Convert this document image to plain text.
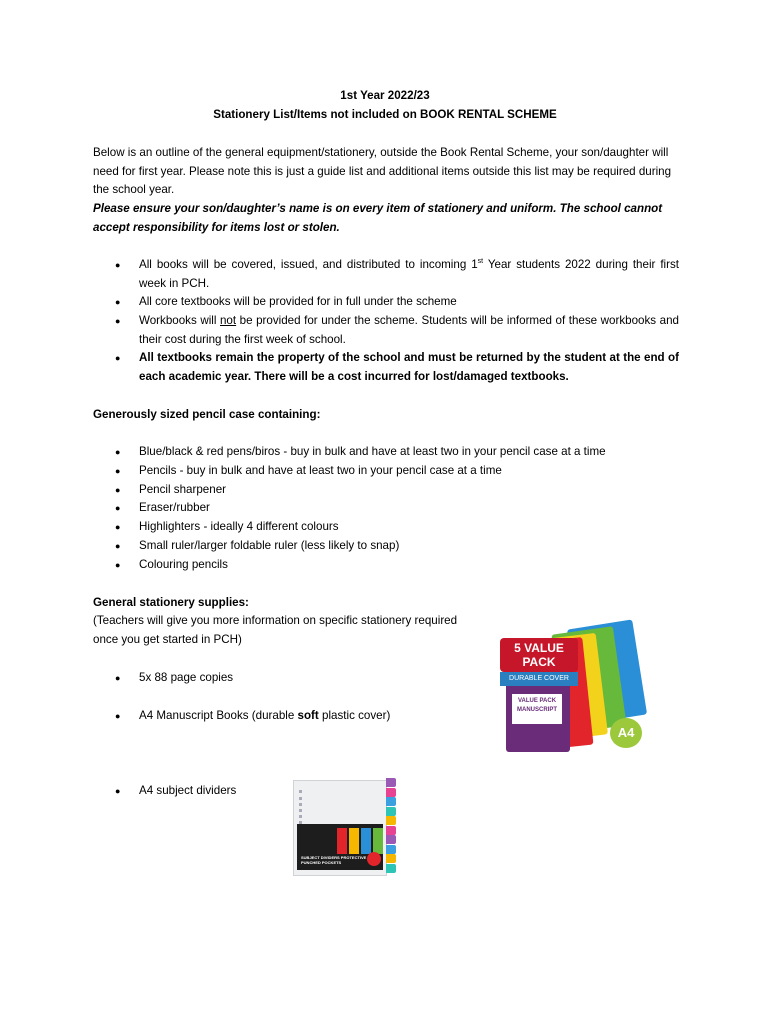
1st Year 2022/23
Stationery List/Items not included on BOOK RENTAL SCHEME

Below is an outline of the general equipment/stationery, outside the Book Rental Scheme, your son/daughter will need for first year. Please note this is just a guide list and additional items outside this list may be required during the school year.

Please ensure your son/daughter’s name is on every item of stationery and uniform. The school cannot accept responsibility for items lost or stolen.

● All books will be covered, issued, and distributed to incoming 1st Year students 2022 during their first week in PCH.
● All core textbooks will be provided for in full under the scheme
● Workbooks will not be provided for under the scheme. Students will be informed of these workbooks and their cost during the first week of school.
● All textbooks remain the property of the school and must be returned by the student at the end of each academic year. There will be a cost incurred for lost/damaged textbooks.
Generously sized pencil case containing:
● Blue/black & red pens/biros - buy in bulk and have at least two in your pencil case at a time
● Pencils - buy in bulk and have at least two in your pencil case at a time
● Pencil sharpener
● Eraser/rubber
● Highlighters - ideally 4 different colours
● Small ruler/larger foldable ruler (less likely to snap)
● Colouring pencils
General stationery supplies:

(Teachers will give you more information on specific stationery required once you get started in PCH)

● 5x 88 page copies
● A4 Manuscript Books (durable soft plastic cover)
● A4 subject dividers
5 VALUE PACK
DURABLE COVER
VALUE PACK MANUSCRIPT
A4
SUBJECT DIVIDERS PROTECTIVE PUNCHED POCKETS
